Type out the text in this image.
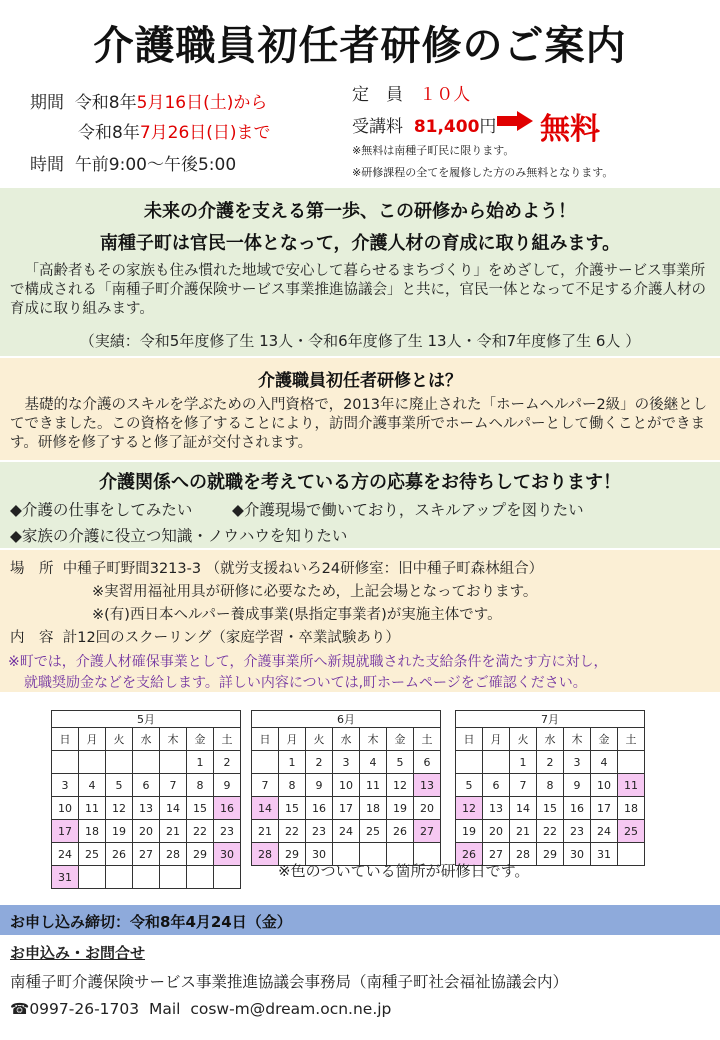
介護職員初任者研修のご案内
期間 令和8年5月16日(土)から
令和8年7月26日(日)まで
時間 午前9:00～午後5:00
定　員 １０人
受講料 81,400円 無料
※無料は南種子町民に限ります。
※研修課程の全てを履修した方のみ無料となります。
未来の介護を支える第一歩、この研修から始めよう！
南種子町は官民一体となって，介護人材の育成に取り組みます。
「高齢者もその家族も住み慣れた地域で安心して暮らせるまちづくり」をめざして，介護サービス事業所で構成される「南種子町介護保険サービス事業推進協議会」と共に，官民一体となって不足する介護人材の育成に取り組みます。
（実績：令和5年度修了生 13人・令和6年度修了生 13人・令和7年度修了生 6人 ）
介護職員初任者研修とは？
基礎的な介護のスキルを学ぶための入門資格で，2013年に廃止された「ホームヘルパー2級」の後継としてできました。この資格を修了することにより，訪問介護事業所でホームヘルパーとして働くことができます。研修を修了すると修了証が交付されます。
介護関係への就職を考えている方の応募をお待ちしております！
◆介護の仕事をしてみたい	◆介護現場で働いており，スキルアップを図りたい
◆家族の介護に役立つ知識・ノウハウを知りたい
場　所 中種子町野間3213-3 （就労支援ねいろ24研修室：旧中種子町森林組合）
※実習用福祉用具が研修に必要なため，上記会場となっております。
※(有)西日本ヘルパー養成事業(県指定事業者)が実施主体です。
内　容 計12回のスクーリング（家庭学習・卒業試験あり）
※町では，介護人材確保事業として，介護事業所へ新規就職された支給条件を満たす方に対し，
就職奨励金などを支給します。詳しい内容については,町ホームページをご確認ください。
5月						
日	月	火	水	木	金	土
					1	2
3	4	5	6	7	8	9
10	11	12	13	14	15	16
17	18	19	20	21	22	23
24	25	26	27	28	29	30
31						
6月						
日	月	火	水	木	金	土
	1	2	3	4	5	6
7	8	9	10	11	12	13
14	15	16	17	18	19	20
21	22	23	24	25	26	27
28	29	30				
7月						
日	月	火	水	木	金	土
		1	2	3	4	
5	6	7	8	9	10	11
12	13	14	15	16	17	18
19	20	21	22	23	24	25
26	27	28	29	30	31	
※色のついている箇所が研修日です。
お申し込み締切：令和8年4月24日（金）
お申込み・お問合せ
南種子町介護保険サービス事業推進協議会事務局（南種子町社会福祉協議会内）
☎0997-26-1703 Mail cosw-m@dream.ocn.ne.jp
